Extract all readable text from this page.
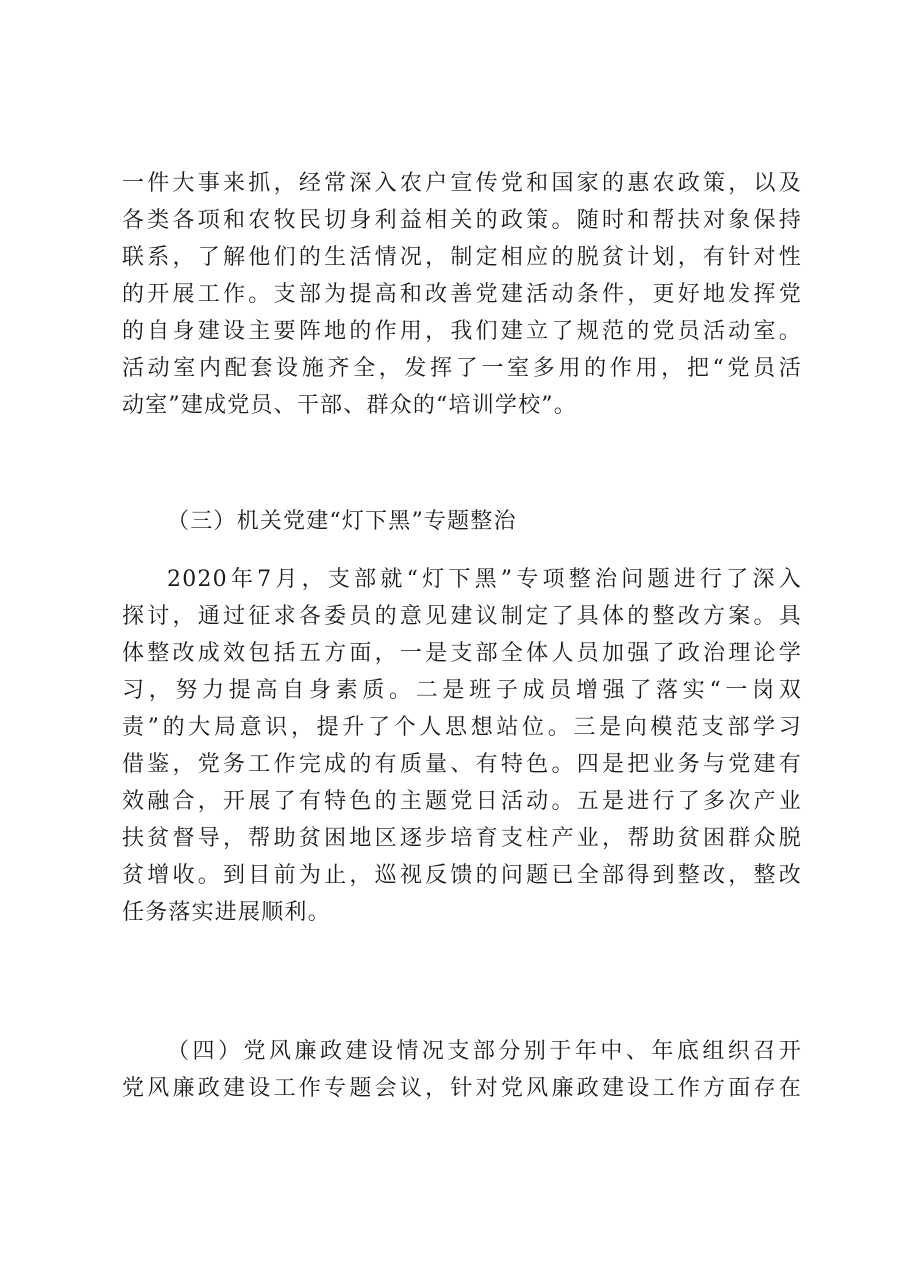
一件大事来抓，经常深入农户宣传党和国家的惠农政策，以及
各类各项和农牧民切身利益相关的政策。随时和帮扶对象保持
联系，了解他们的生活情况，制定相应的脱贫计划，有针对性
的开展工作。支部为提高和改善党建活动条件，更好地发挥党
的自身建设主要阵地的作用，我们建立了规范的党员活动室。
活动室内配套设施齐全，发挥了一室多用的作用，把“党员活
动室”建成党员、干部、群众的“培训学校”。
（三）机关党建“灯下黑”专题整治
2020年7月，支部就“灯下黑”专项整治问题进行了深入
探讨，通过征求各委员的意见建议制定了具体的整改方案。具
体整改成效包括五方面，一是支部全体人员加强了政治理论学
习，努力提高自身素质。二是班子成员增强了落实“一岗双
责”的大局意识，提升了个人思想站位。三是向模范支部学习
借鉴，党务工作完成的有质量、有特色。四是把业务与党建有
效融合，开展了有特色的主题党日活动。五是进行了多次产业
扶贫督导，帮助贫困地区逐步培育支柱产业，帮助贫困群众脱
贫增收。到目前为止，巡视反馈的问题已全部得到整改，整改
任务落实进展顺利。
（四）党风廉政建设情况支部分别于年中、年底组织召开
党风廉政建设工作专题会议，针对党风廉政建设工作方面存在
